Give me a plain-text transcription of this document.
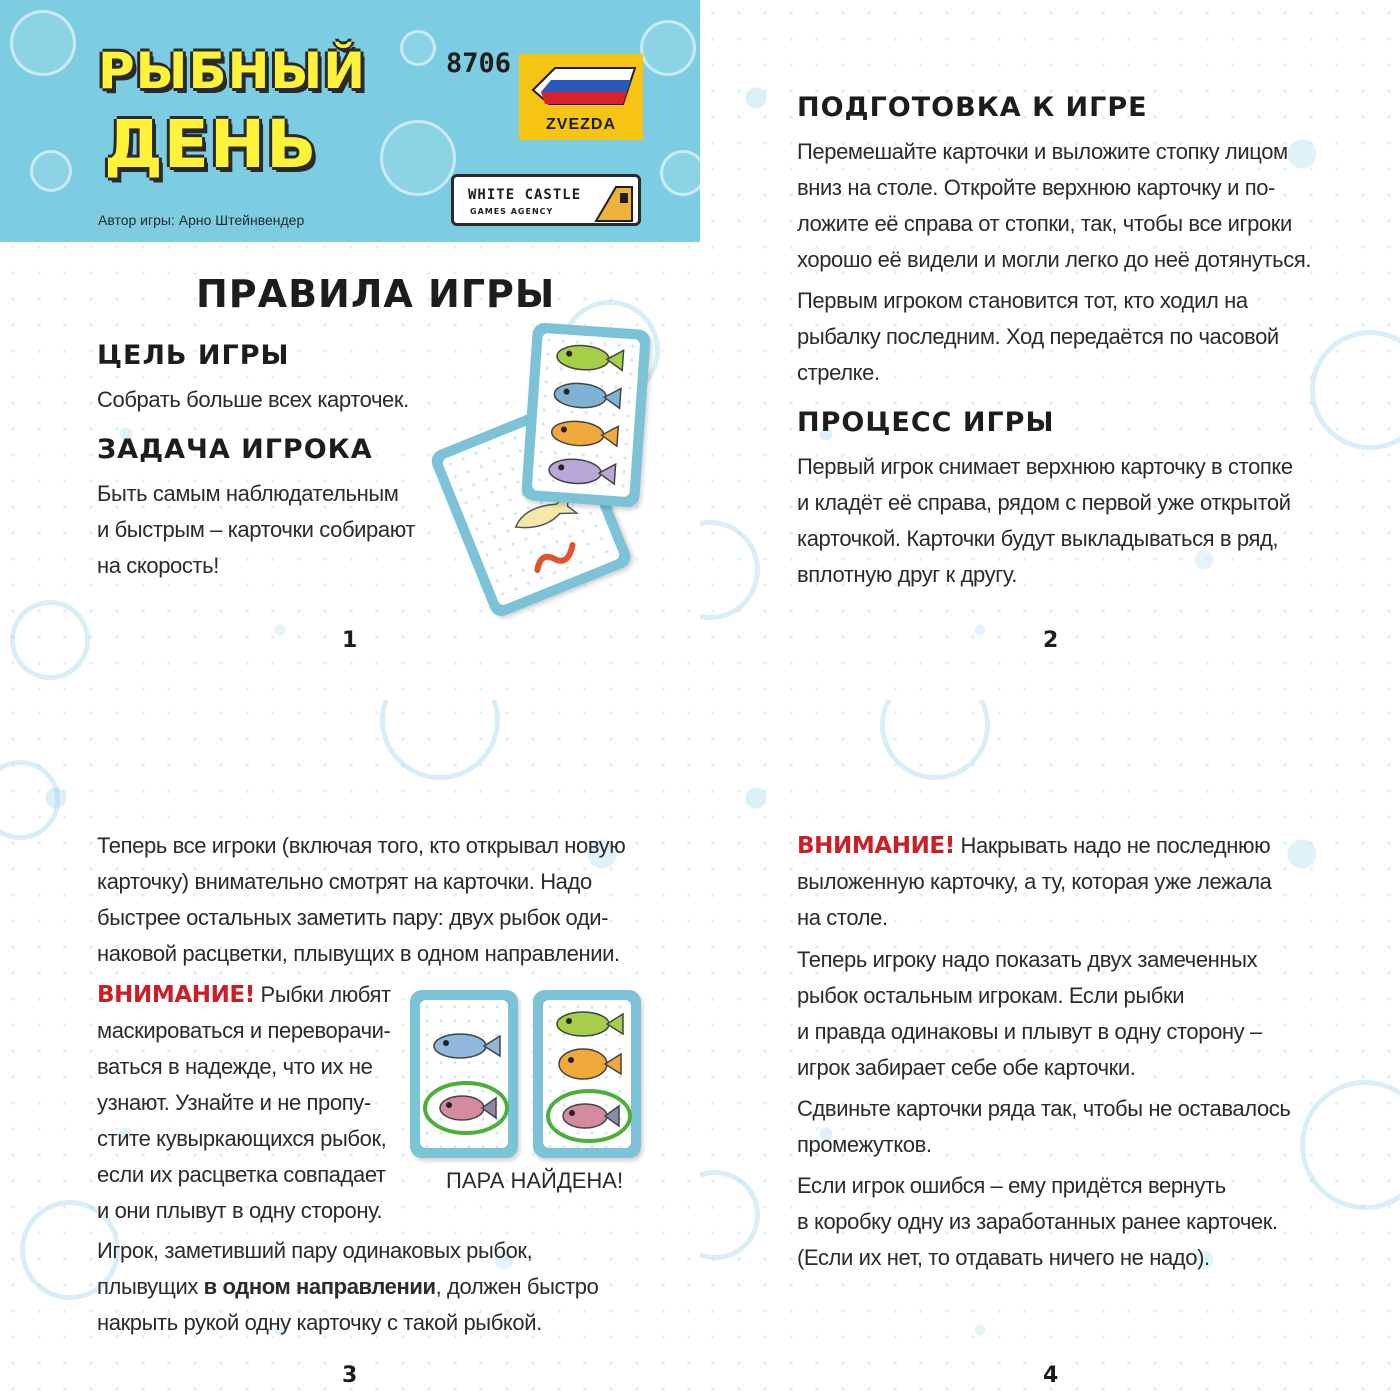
РЫБНЫЙ
ДЕНЬ
8706
ZVEZDA
WHITE CASTLE
GAMES AGENCY
Автор игры: Арно Штейнвендер
ПРАВИЛА ИГРЫ
ЦЕЛЬ ИГРЫ
Собрать больше всех карточек.
ЗАДАЧА ИГРОКА
Быть самым наблюдательным
и быстрым – карточки собирают
на скорость!
1
ПОДГОТОВКА К ИГРЕ
Перемешайте карточки и выложите стопку лицом
вниз на столе. Откройте верхнюю карточку и по-
ложите её справа от стопки, так, чтобы все игроки
хорошо её видели и могли легко до неё дотянуться.
Первым игроком становится тот, кто ходил на
рыбалку последним. Ход передаётся по часовой
стрелке.
ПРОЦЕСС ИГРЫ
Первый игрок снимает верхнюю карточку в стопке
и кладёт её справа, рядом с первой уже открытой
карточкой. Карточки будут выкладываться в ряд,
вплотную друг к другу.
2
Теперь все игроки (включая того, кто открывал новую
карточку) внимательно смотрят на карточки. Надо
быстрее остальных заметить пару: двух рыбок оди-
наковой расцветки, плывущих в одном направлении.
ВНИМАНИЕ! Рыбки любят
маскироваться и переворачи-
ваться в надежде, что их не
узнают. Узнайте и не пропу-
стите кувыркающихся рыбок,
если их расцветка совпадает
и они плывут в одну сторону.
ПАРА НАЙДЕНА!
Игрок, заметивший пару одинаковых рыбок,
плывущих в одном направлении, должен быстро
накрыть рукой одну карточку с такой рыбкой.
3
ВНИМАНИЕ! Накрывать надо не последнюю
выложенную карточку, а ту, которая уже лежала
на столе.
Теперь игроку надо показать двух замеченных
рыбок остальным игрокам. Если рыбки
и правда одинаковы и плывут в одну сторону –
игрок забирает себе обе карточки.
Сдвиньте карточки ряда так, чтобы не оставалось
промежутков.
Если игрок ошибся – ему придётся вернуть
в коробку одну из заработанных ранее карточек.
(Если их нет, то отдавать ничего не надо).
4
